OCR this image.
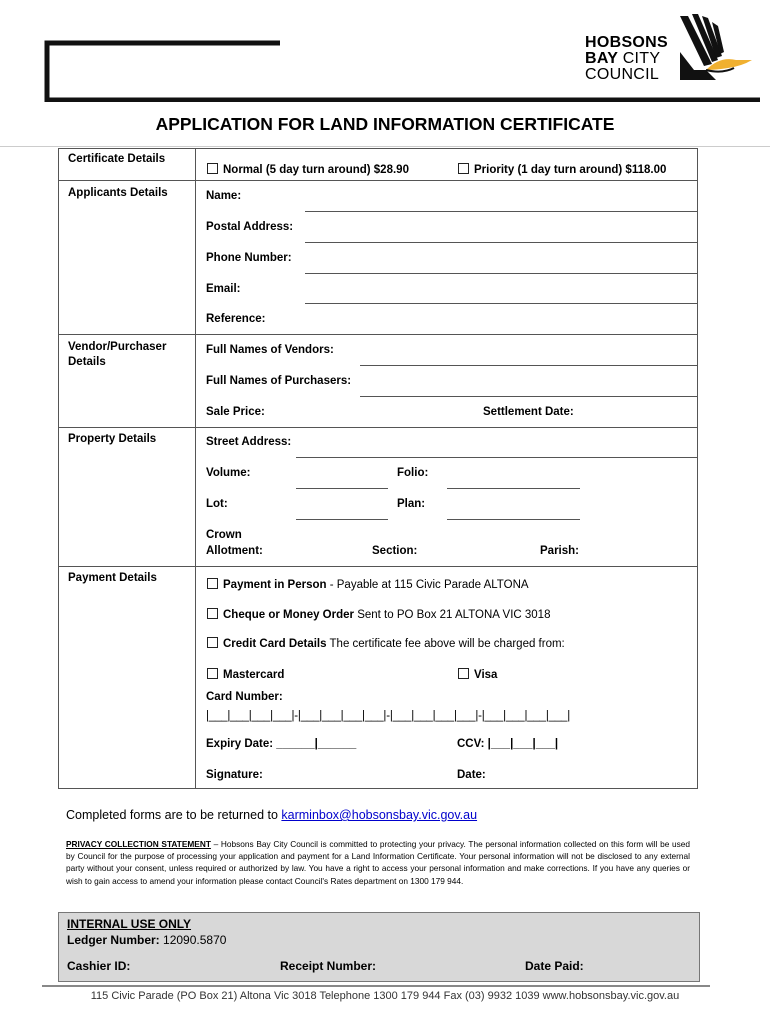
HOBSONS
BAY CITY
COUNCIL
APPLICATION FOR LAND INFORMATION CERTIFICATE
Certificate Details
Normal (5 day turn around) $28.90	Priority (1 day turn around) $118.00
Applicants Details	Name:
Postal Address:
Phone Number:
Email:
Reference:
Vendor/Purchaser
Details
Full Names of Vendors:
Full Names of Purchasers:
Sale Price:	Settlement Date:
Property Details	Street Address:
Volume:	Folio:
Lot:	Plan:
Crown
Allotment:	Section:	Parish:
Payment Details
Payment in Person - Payable at 115 Civic Parade ALTONA
Cheque or Money Order Sent to PO Box 21 ALTONA VIC 3018
Credit Card Details The certificate fee above will be charged from:
Mastercard	Visa
Card Number:
|___|___|___|___|-|___|___|___|___|-|___|___|___|___|-|___|___|___|___|
Expiry Date: ______|______	CCV: |___|___|___|
Signature:	Date:
Completed forms are to be returned to karminbox@hobsonsbay.vic.gov.au
PRIVACY COLLECTION STATEMENT – Hobsons Bay City Council is committed to protecting your privacy. The personal information collected on this form will be used by Council for the purpose of processing your application and payment for a Land Information Certificate. Your personal information will not be disclosed to any external party without your consent, unless required or authorized by law. You have a right to access your personal information and make corrections. If you have any queries or wish to gain access to amend your information please contact Council's Rates department on 1300 179 944.
INTERNAL USE ONLY
Ledger Number: 12090.5870
Cashier ID:	Receipt Number:	Date Paid:
115 Civic Parade (PO Box 21) Altona Vic 3018 Telephone 1300 179 944 Fax (03) 9932 1039 www.hobsonsbay.vic.gov.au
